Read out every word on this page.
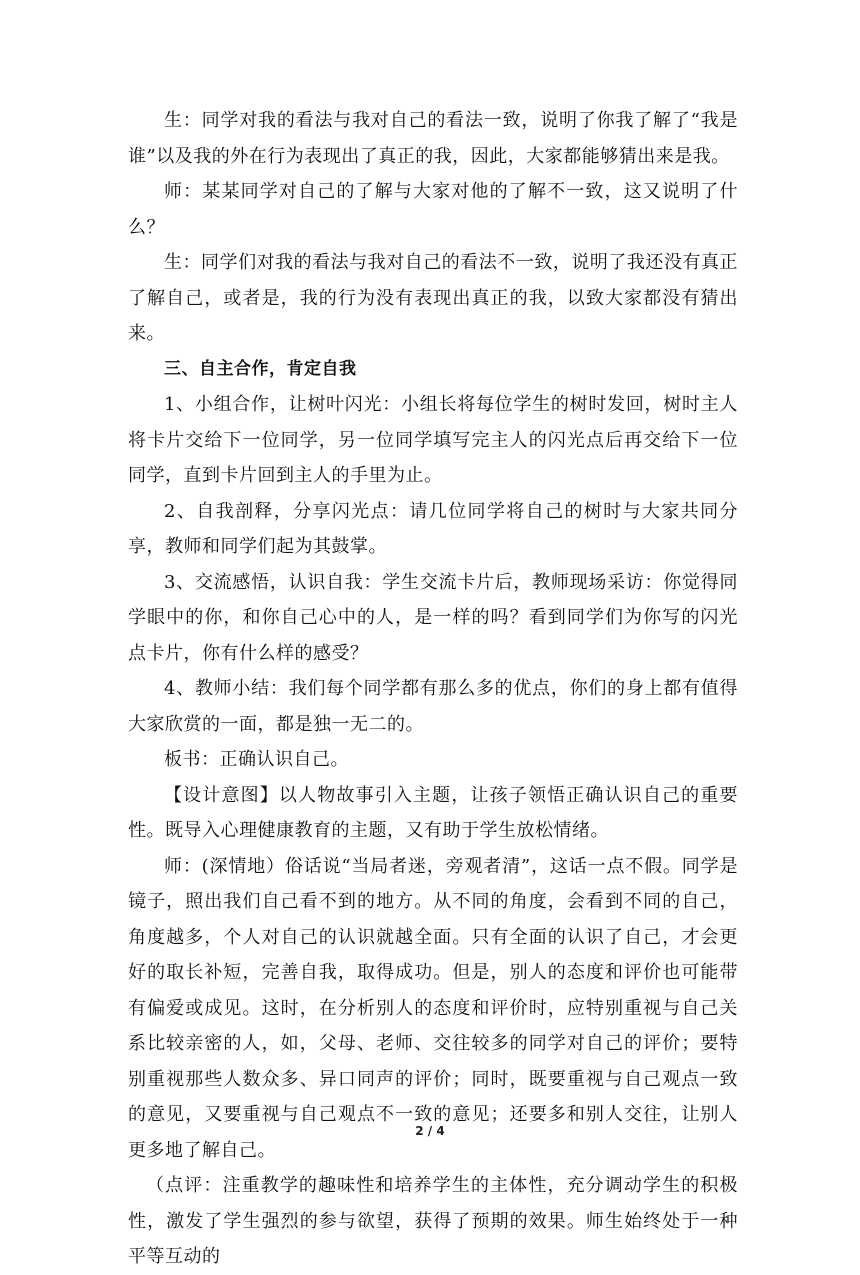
生：同学对我的看法与我对自己的看法一致，说明了你我了解了“我是谁”以及我的外在行为表现出了真正的我，因此，大家都能够猜出来是我。

师：某某同学对自己的了解与大家对他的了解不一致，这又说明了什么？

生：同学们对我的看法与我对自己的看法不一致，说明了我还没有真正了解自己，或者是，我的行为没有表现出真正的我，以致大家都没有猜出来。

三、自主合作，肯定自我

1、小组合作，让树叶闪光：小组长将每位学生的树时发回，树时主人将卡片交给下一位同学，另一位同学填写完主人的闪光点后再交给下一位同学，直到卡片回到主人的手里为止。

2、自我剖释，分享闪光点：请几位同学将自己的树时与大家共同分享，教师和同学们起为其鼓掌。

3、交流感悟，认识自我：学生交流卡片后，教师现场采访：你觉得同学眼中的你，和你自己心中的人，是一样的吗？看到同学们为你写的闪光点卡片，你有什么样的感受？

4、教师小结：我们每个同学都有那么多的优点，你们的身上都有值得大家欣赏的一面，都是独一无二的。

板书：正确认识自己。

【设计意图】以人物故事引入主题，让孩子领悟正确认识自己的重要性。既导入心理健康教育的主题，又有助于学生放松情绪。

师：(深情地）俗话说“当局者迷，旁观者清”，这话一点不假。同学是镜子，照出我们自己看不到的地方。从不同的角度，会看到不同的自己，角度越多，个人对自己的认识就越全面。只有全面的认识了自己，才会更好的取长补短，完善自我，取得成功。但是，别人的态度和评价也可能带有偏爱或成见。这时，在分析别人的态度和评价时，应特别重视与自己关系比较亲密的人，如，父母、老师、交往较多的同学对自己的评价；要特别重视那些人数众多、异口同声的评价；同时，既要重视与自己观点一致的意见，又要重视与自己观点不一致的意见；还要多和别人交往，让别人更多地了解自己。

（点评：注重教学的趣味性和培养学生的主体性，充分调动学生的积极性，激发了学生强烈的参与欲望，获得了预期的效果。师生始终处于一种平等互动的

2 / 4
